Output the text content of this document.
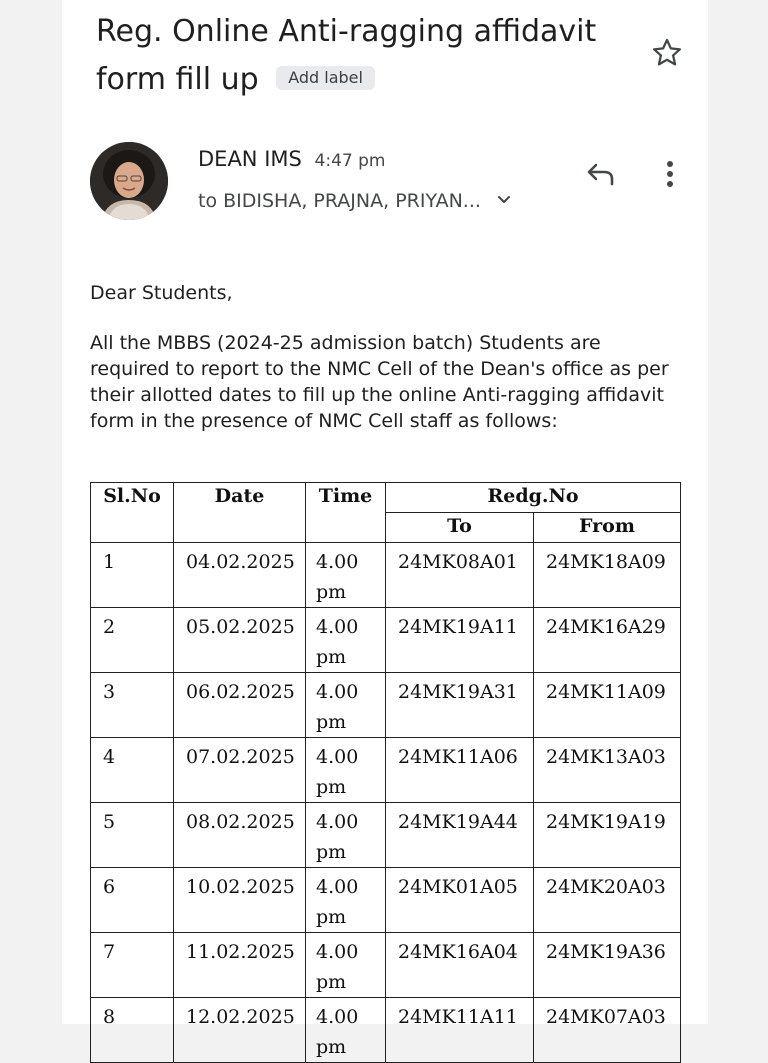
Reg. Online Anti-ragging affidavit form fill up Add label
DEAN IMS 4:47 pm
to BIDISHA, PRAJNA, PRIYAN...
Dear Students,
All the MBBS (2024-25 admission batch) Students are required to report to the NMC Cell of the Dean's office as per their allotted dates to fill up the online Anti-ragging affidavit form in the presence of NMC Cell staff as follows:
Sl.No	Date	Time	Redg.No	
			To	From
1	04.02.2025	4.00 pm	24MK08A01	24MK18A09
2	05.02.2025	4.00 pm	24MK19A11	24MK16A29
3	06.02.2025	4.00 pm	24MK19A31	24MK11A09
4	07.02.2025	4.00 pm	24MK11A06	24MK13A03
5	08.02.2025	4.00 pm	24MK19A44	24MK19A19
6	10.02.2025	4.00 pm	24MK01A05	24MK20A03
7	11.02.2025	4.00 pm	24MK16A04	24MK19A36
8	12.02.2025	4.00 pm	24MK11A11	24MK07A03
